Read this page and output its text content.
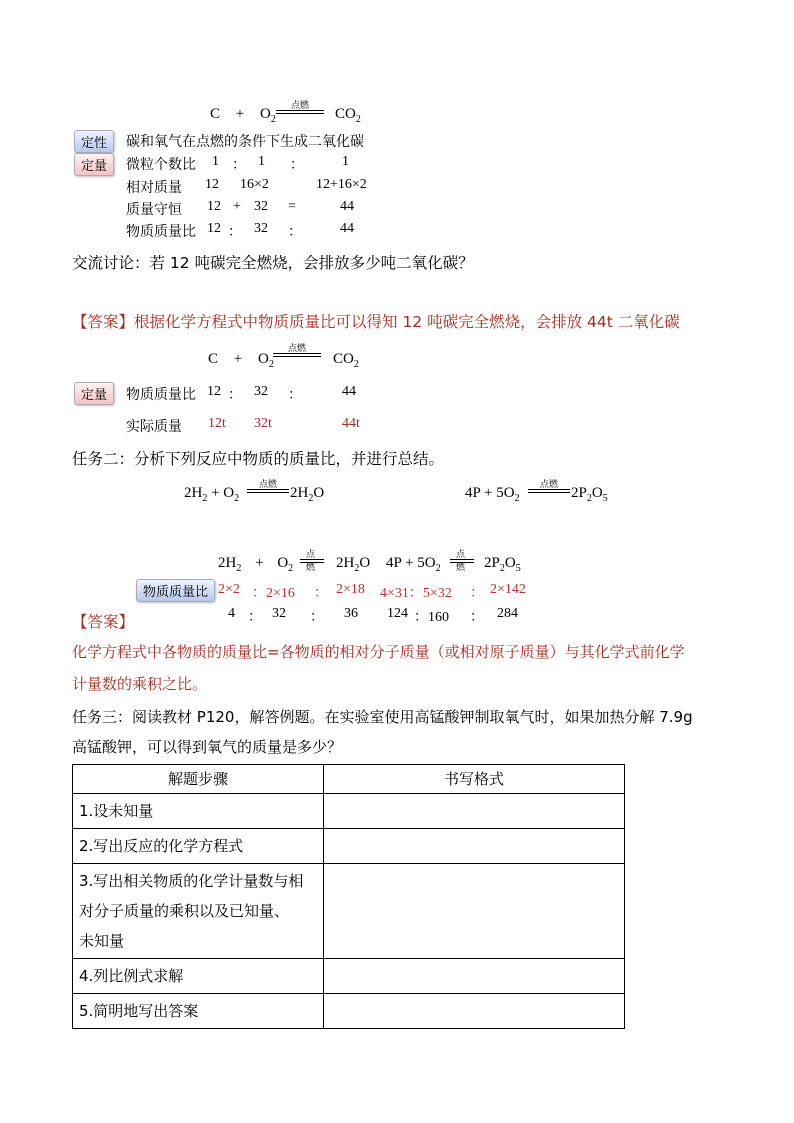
$C + O_2$
点燃 $CO_2$
定性	碳和氧气在点燃的条件下生成二氧化碳
定量	微粒个数比 1 ： 1 ：	1
相对质量 12 16×2	12+16×2
质量守恒 12 + 32 =	44
物质质量比 12 ： 32 ：	44
交流讨论：若 12 吨碳完全燃烧，会排放多少吨二氧化碳？
【答案】根据化学方程式中物质质量比可以得知 12 吨碳完全燃烧，会排放 44t 二氧化碳
$C + O_2$
点燃
$CO_2$
定量	物质质量比 12 ： 32 ：	44
实际质量 12t 32t	44t
任务二：分析下列反应中物质的质量比，并进行总结。
$2H_2 + O_2$
点燃 $2H_2O$	$4P + 5O_2$
点燃 $2P_2O_5$
$2H_2 + O_2$
点燃 $2H_2O$ $4P + 5O_2$
点燃 $2P_2O_5$
物质质量比 2×2 ：2×16 ： 2×18 4×31：5×32 ： 2×142
【答案】	4 ： 32 ： 36 124 ：160 ： 284
化学方程式中各物质的质量比=各物质的相对分子质量（或相对原子质量）与其化学式前化学
计量数的乘积之比。
任务三：阅读教材 P120，解答例题。在实验室使用高锰酸钾制取氧气时，如果加热分解 7.9g
高锰酸钾，可以得到氧气的质量是多少？
解题步骤	书写格式
1.设未知量	
2.写出反应的化学方程式	

3.写出相关物质的化学计量数与相
对分子质量的乘积以及已知量、
未知量	

4.列比例式求解	
5.简明地写出答案	
